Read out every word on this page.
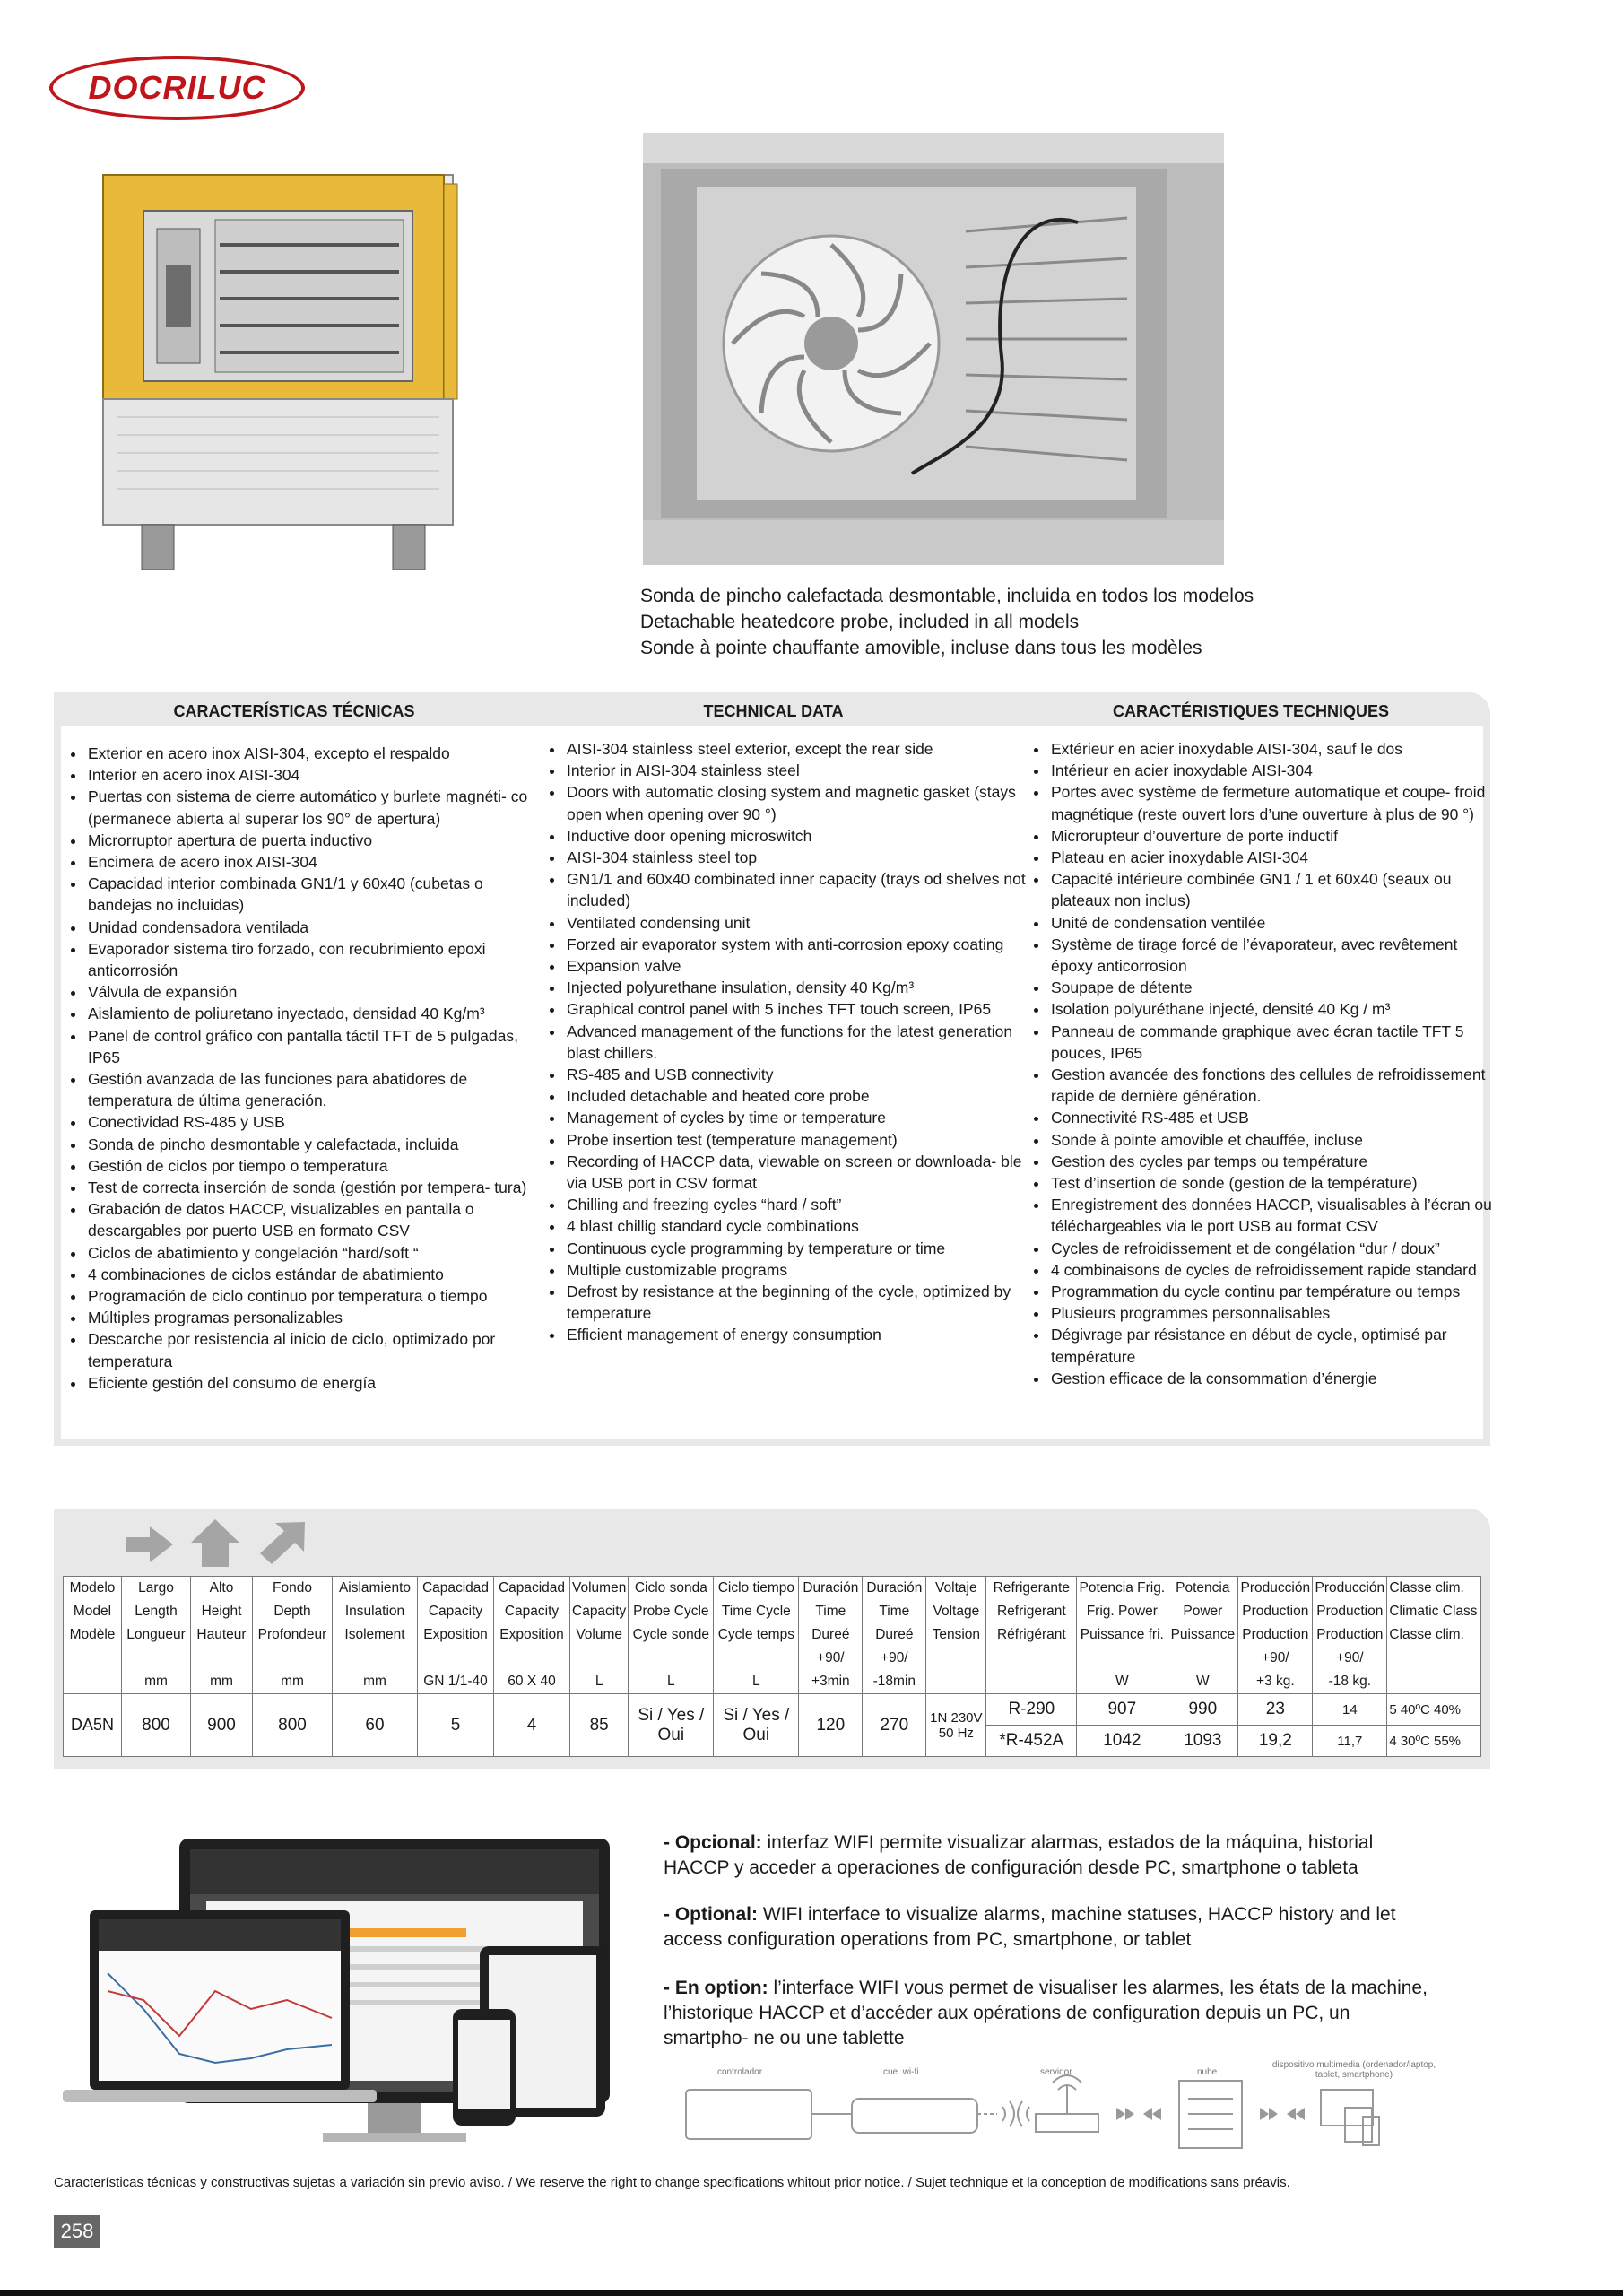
DOCRILUC
Sonda de pincho calefactada desmontable, incluida en todos los modelos
Detachable heatedcore probe, included in all models
Sonde à pointe chauffante amovible, incluse dans tous les modèles
CARACTERÍSTICAS TÉCNICAS	TECHNICAL DATA	CARACTÉRISTIQUES TECHNIQUES
• Exterior en acero inox AISI-304, excepto el respaldo
• Interior en acero inox AISI-304
• Puertas con sistema de cierre automático y burlete magnéti- co (permanece abierta al superar los 90° de apertura)
• Microrruptor apertura de puerta inductivo
• Encimera de acero inox AISI-304
• Capacidad interior combinada GN1/1 y 60x40 (cubetas o bandejas no incluidas)
• Unidad condensadora ventilada
• Evaporador sistema tiro forzado, con recubrimiento epoxi anticorrosión
• Válvula de expansión
• Aislamiento de poliuretano inyectado, densidad 40 Kg/m³
• Panel de control gráfico con pantalla táctil TFT de 5 pulgadas, IP65
• Gestión avanzada de las funciones para abatidores de temperatura de última generación.
• Conectividad RS-485 y USB
• Sonda de pincho desmontable y calefactada, incluida
• Gestión de ciclos por tiempo o temperatura
• Test de correcta inserción de sonda (gestión por tempera- tura)
• Grabación de datos HACCP, visualizables en pantalla o descargables por puerto USB en formato CSV
• Ciclos de abatimiento y congelación “hard/soft “
• 4 combinaciones de ciclos estándar de abatimiento
• Programación de ciclo continuo por temperatura o tiempo
• Múltiples programas personalizables
• Descarche por resistencia al inicio de ciclo, optimizado por temperatura
• Eficiente gestión del consumo de energía
• AISI-304 stainless steel exterior, except the rear side
• Interior in AISI-304 stainless steel
• Doors with automatic closing system and magnetic gasket (stays open when opening over 90 °)
• Inductive door opening microswitch
• AISI-304 stainless steel top
• GN1/1 and 60x40 combinated inner capacity (trays od shelves not included)
• Ventilated condensing unit
• Forzed air evaporator system with anti-corrosion epoxy coating
• Expansion valve
• Injected polyurethane insulation, density 40 Kg/m³
• Graphical control panel with 5 inches TFT touch screen, IP65
• Advanced management of the functions for the latest generation blast chillers.
• RS-485 and USB connectivity
• Included detachable and heated core probe
• Management of cycles by time or temperature
• Probe insertion test (temperature management)
• Recording of HACCP data, viewable on screen or downloada- ble via USB port in CSV format
• Chilling and freezing cycles “hard / soft”
• 4 blast chillig standard cycle combinations
• Continuous cycle programming by temperature or time
• Multiple customizable programs
• Defrost by resistance at the beginning of the cycle, optimized by temperature
• Efficient management of energy consumption
• Extérieur en acier inoxydable AISI-304, sauf le dos
• Intérieur en acier inoxydable AISI-304
• Portes avec système de fermeture automatique et coupe- froid magnétique (reste ouvert lors d’une ouverture à plus de 90 °)
• Microrupteur d’ouverture de porte inductif
• Plateau en acier inoxydable AISI-304
• Capacité intérieure combinée GN1 / 1 et 60x40 (seaux ou plateaux non inclus)
• Unité de condensation ventilée
• Système de tirage forcé de l’évaporateur, avec revêtement époxy anticorrosion
• Soupape de détente
• Isolation polyuréthane injecté, densité 40 Kg / m³
• Panneau de commande graphique avec écran tactile TFT 5 pouces, IP65
• Gestion avancée des fonctions des cellules de refroidissement rapide de dernière génération.
• Connectivité RS-485 et USB
• Sonde à pointe amovible et chauffée, incluse
• Gestion des cycles par temps ou température
• Test d’insertion de sonde (gestion de la température)
• Enregistrement des données HACCP, visualisables à l’écran ou téléchargeables via le port USB au format CSV
• Cycles de refroidissement et de congélation “dur / doux”
• 4 combinaisons de cycles de refroidissement rapide standard
• Programmation du cycle continu par température ou temps
• Plusieurs programmes personnalisables
• Dégivrage par résistance en début de cycle, optimisé par température
• Gestion efficace de la consommation d’énergie
Modelo	Largo	Alto	Fondo	Aislamiento	Capacidad	Capacidad	Volumen	Ciclo sonda	Ciclo tiempo	Duración	Duración	Voltaje	Refrigerante	Potencia Frig.	Potencia	Producción	Producción	Classe clim.
Model	Length	Height	Depth	Insulation	Capacity	Capacity	Capacity	Probe Cycle	Time Cycle	Time	Time	Voltage	Refrigerant	Frig. Power	Power	Production	Production	Climatic Class
Modèle	Longueur	Hauteur	Profondeur	Isolement	Exposition	Exposition	Volume	Cycle sonde	Cycle temps	Dureé	Dureé	Tension	Réfrigérant	Puissance fri.	Puissance	Production	Production	Classe clim.
										+90/	+90/					+90/	+90/	
	mm	mm	mm	mm	GN 1/1-40	60 X 40	L	L	L	+3min	-18min			W	W	+3 kg.	-18 kg.	
DA5N	800	900	800	60	5	4	85	Si / Yes / Oui	Si / Yes / Oui	120	270	1N 230V 50 Hz	R-290	907	990	23	14	5 40ºC 40%
													*R-452A	1042	1093	19,2	11,7	4 30ºC 55%
- Opcional: interfaz WIFI permite visualizar alarmas, estados de la máquina, historial HACCP y acceder a operaciones de configuración desde PC, smartphone o tableta
- Optional: WIFI interface to visualize alarms, machine statuses, HACCP history and let access configuration operations from PC, smartphone, or tablet
- En option: l’interface WIFI vous permet de visualiser les alarmes, les états de la machine, l’historique HACCP et d’accéder aux opérations de configuration depuis un PC, un smartpho- ne ou une tablette
controlador	cue. wi-fi	servidor	nube
dispositivo multimedia (ordenador/laptop, tablet, smartphone)
Características técnicas y constructivas sujetas a variación sin previo aviso. / We reserve the right to change specifications whitout prior notice. / Sujet technique et la conception de modifications sans préavis.
258
